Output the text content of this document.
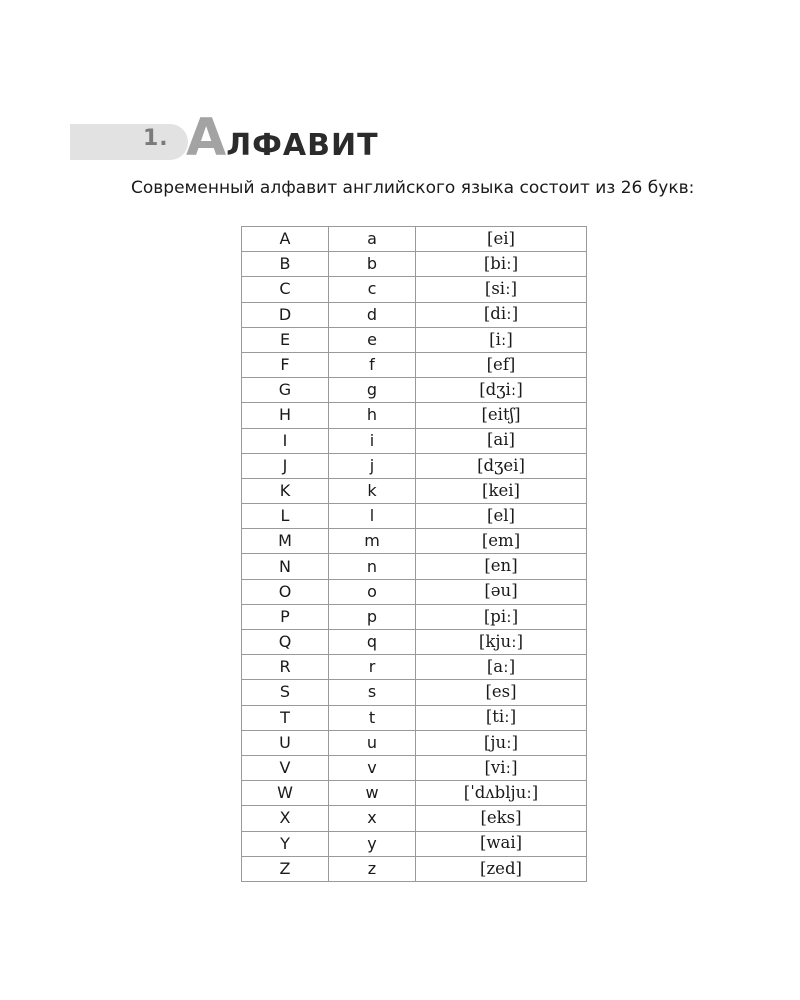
1. АЛФАВИТ
Современный алфавит английского языка состоит из 26 букв:
A	a	[ei]
B	b	[biː]
C	c	[siː]
D	d	[diː]
E	e	[iː]
F	f	[ef]
G	g	[dʒiː]
H	h	[eitʃ]
I	i	[ai]
J	j	[dʒei]
K	k	[kei]
L	l	[el]
M	m	[em]
N	n	[en]
O	o	[əu]
P	p	[piː]
Q	q	[kjuː]
R	r	[aː]
S	s	[es]
T	t	[tiː]
U	u	[juː]
V	v	[viː]
W	w	[ˈdʌbljuː]
X	x	[eks]
Y	y	[wai]
Z	z	[zed]
